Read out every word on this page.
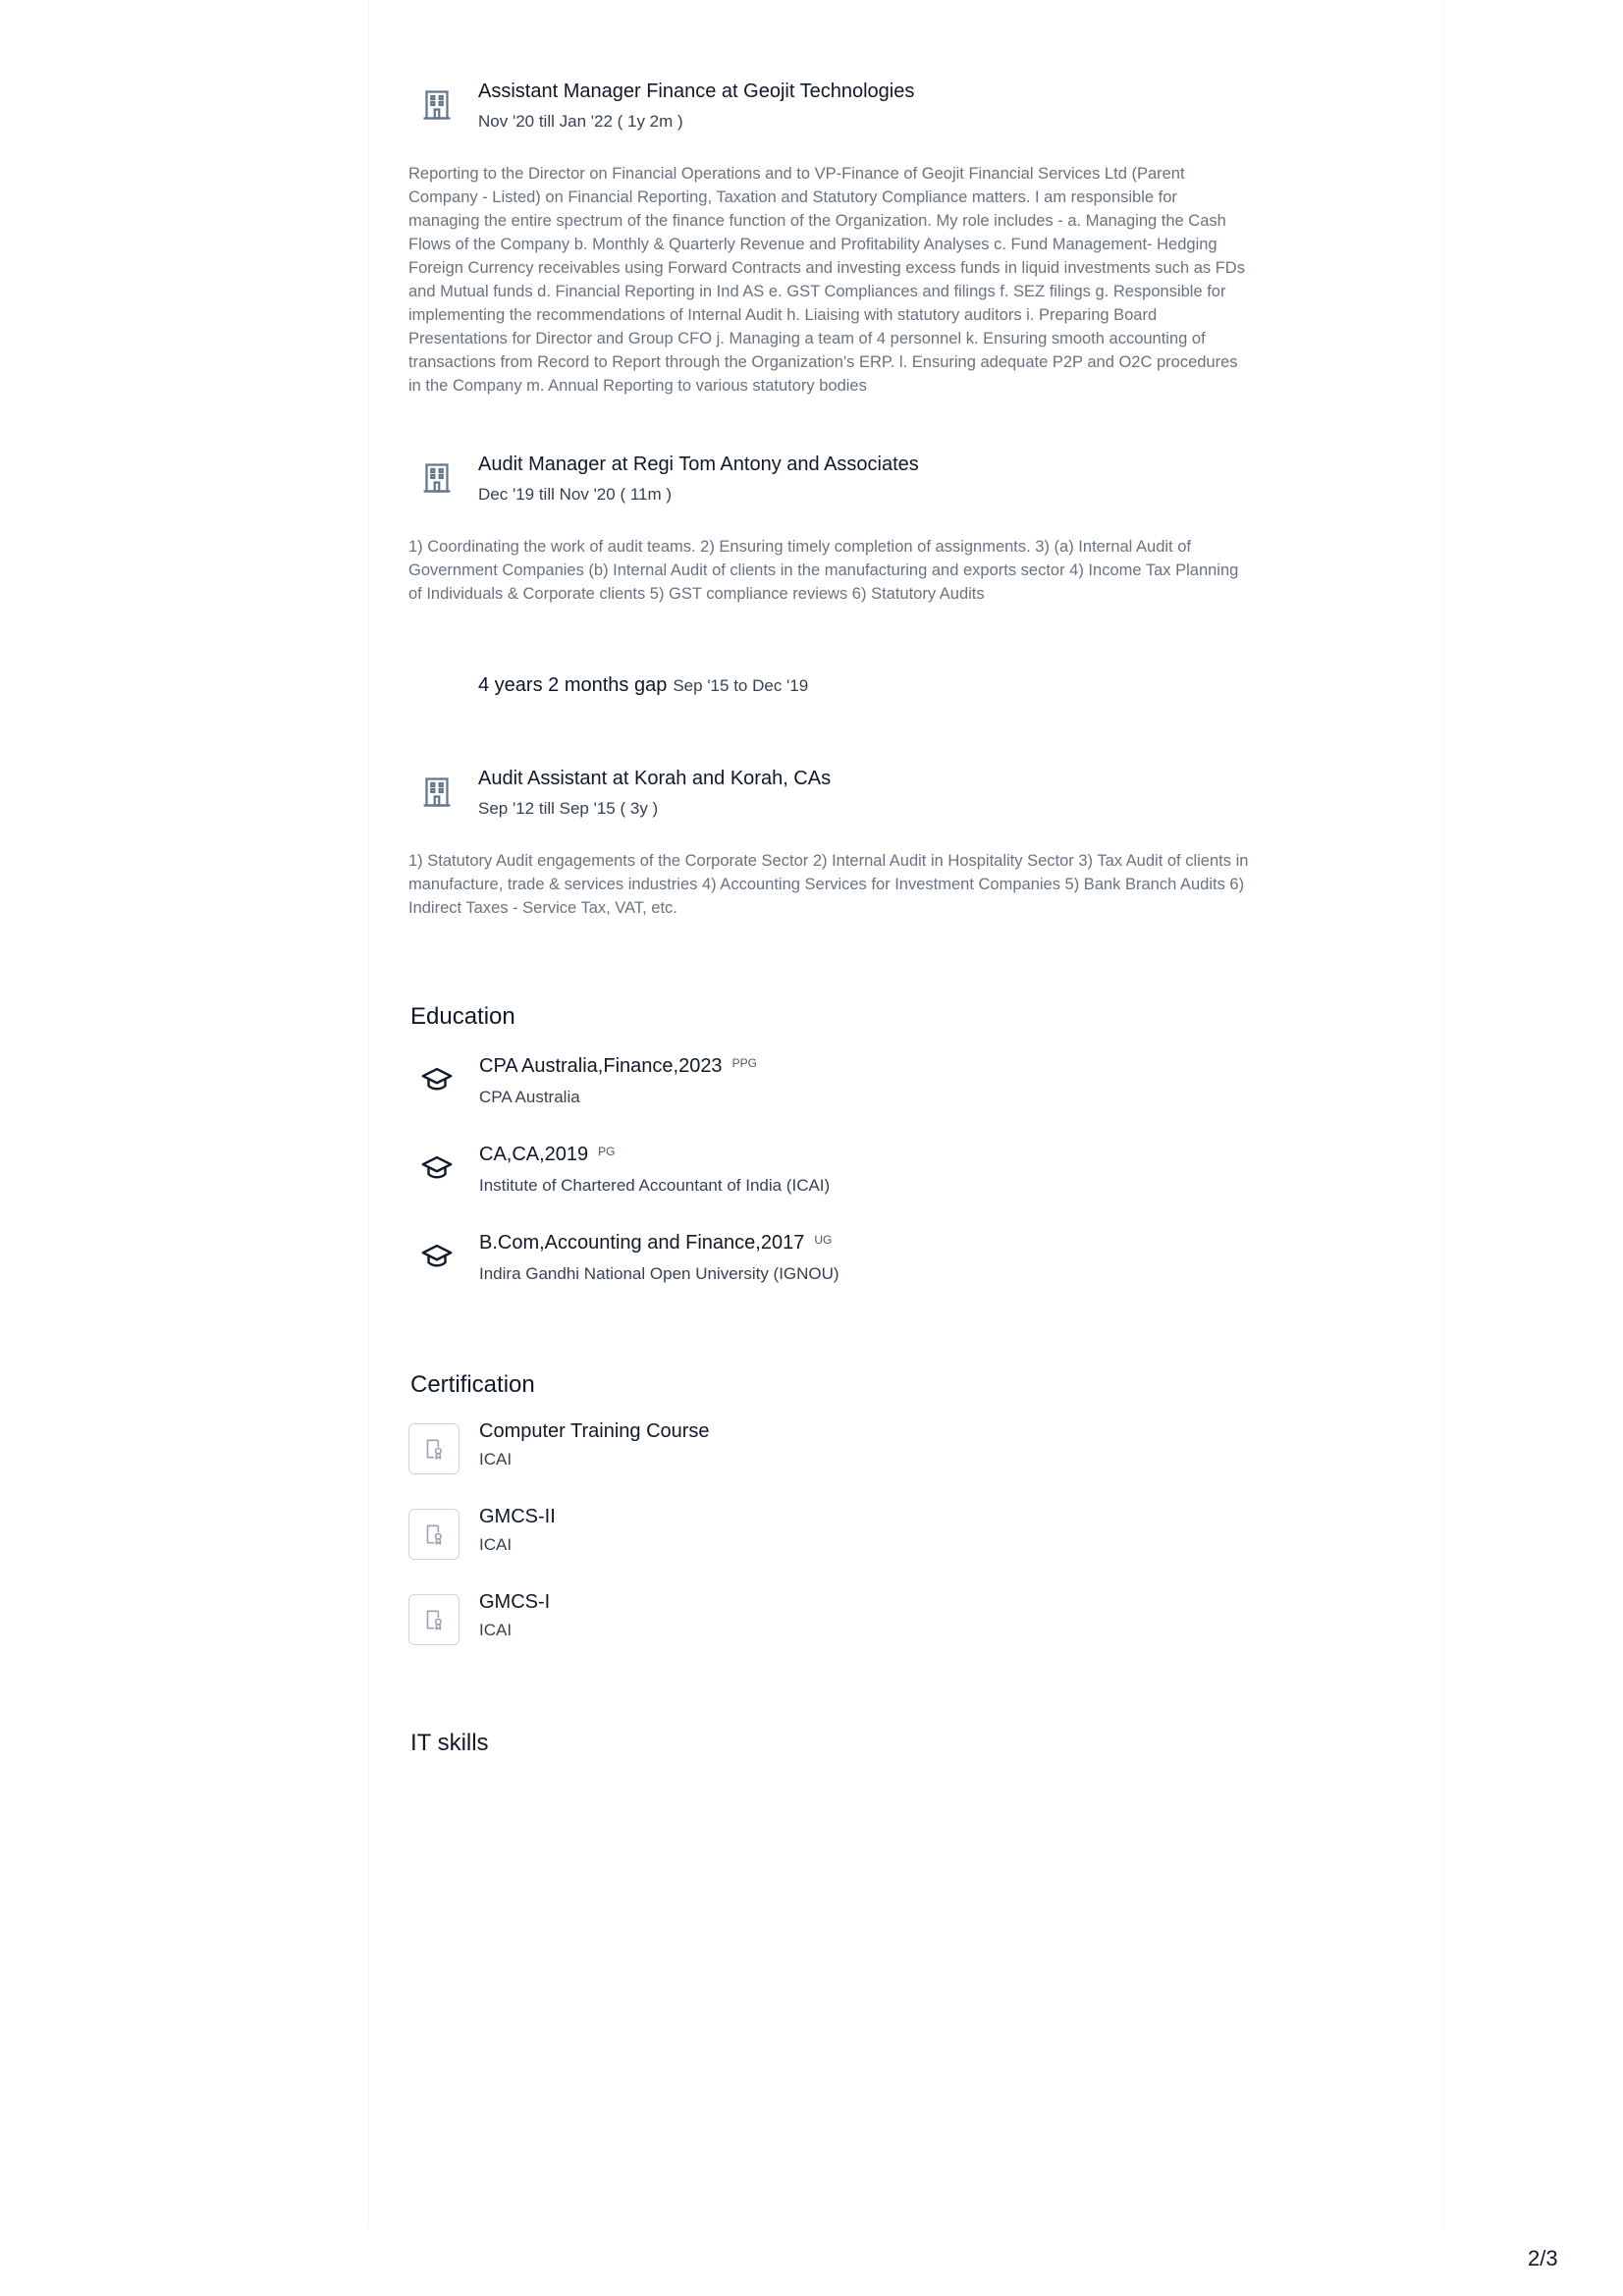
Assistant Manager Finance at Geojit Technologies
Nov '20 till Jan '22 ( 1y 2m )
Reporting to the Director on Financial Operations and to VP-Finance of Geojit Financial Services Ltd (Parent Company - Listed) on Financial Reporting, Taxation and Statutory Compliance matters. I am responsible for managing the entire spectrum of the finance function of the Organization. My role includes - a. Managing the Cash Flows of the Company b. Monthly & Quarterly Revenue and Profitability Analyses c. Fund Management- Hedging Foreign Currency receivables using Forward Contracts and investing excess funds in liquid investments such as FDs and Mutual funds d. Financial Reporting in Ind AS e. GST Compliances and filings f. SEZ filings g. Responsible for implementing the recommendations of Internal Audit h. Liaising with statutory auditors i. Preparing Board Presentations for Director and Group CFO j. Managing a team of 4 personnel k. Ensuring smooth accounting of transactions from Record to Report through the Organization's ERP. l. Ensuring adequate P2P and O2C procedures in the Company m. Annual Reporting to various statutory bodies
Audit Manager at Regi Tom Antony and Associates
Dec '19 till Nov '20 ( 11m )
1) Coordinating the work of audit teams. 2) Ensuring timely completion of assignments. 3) (a) Internal Audit of Government Companies (b) Internal Audit of clients in the manufacturing and exports sector 4) Income Tax Planning of Individuals & Corporate clients 5) GST compliance reviews 6) Statutory Audits
4 years 2 months gap Sep '15 to Dec '19
Audit Assistant at Korah and Korah, CAs
Sep '12 till Sep '15 ( 3y )
1) Statutory Audit engagements of the Corporate Sector 2) Internal Audit in Hospitality Sector 3) Tax Audit of clients in manufacture, trade & services industries 4) Accounting Services for Investment Companies 5) Bank Branch Audits 6) Indirect Taxes - Service Tax, VAT, etc.
Education
CPA Australia,Finance,2023 $^{PPG}$
CPA Australia
CA,CA,2019 $^{PG}$
Institute of Chartered Accountant of India (ICAI)
B.Com,Accounting and Finance,2017 $^{UG}$
Indira Gandhi National Open University (IGNOU)
Certification
Computer Training Course
ICAI
GMCS-II
ICAI
GMCS-I
ICAI
IT skills
2/3
